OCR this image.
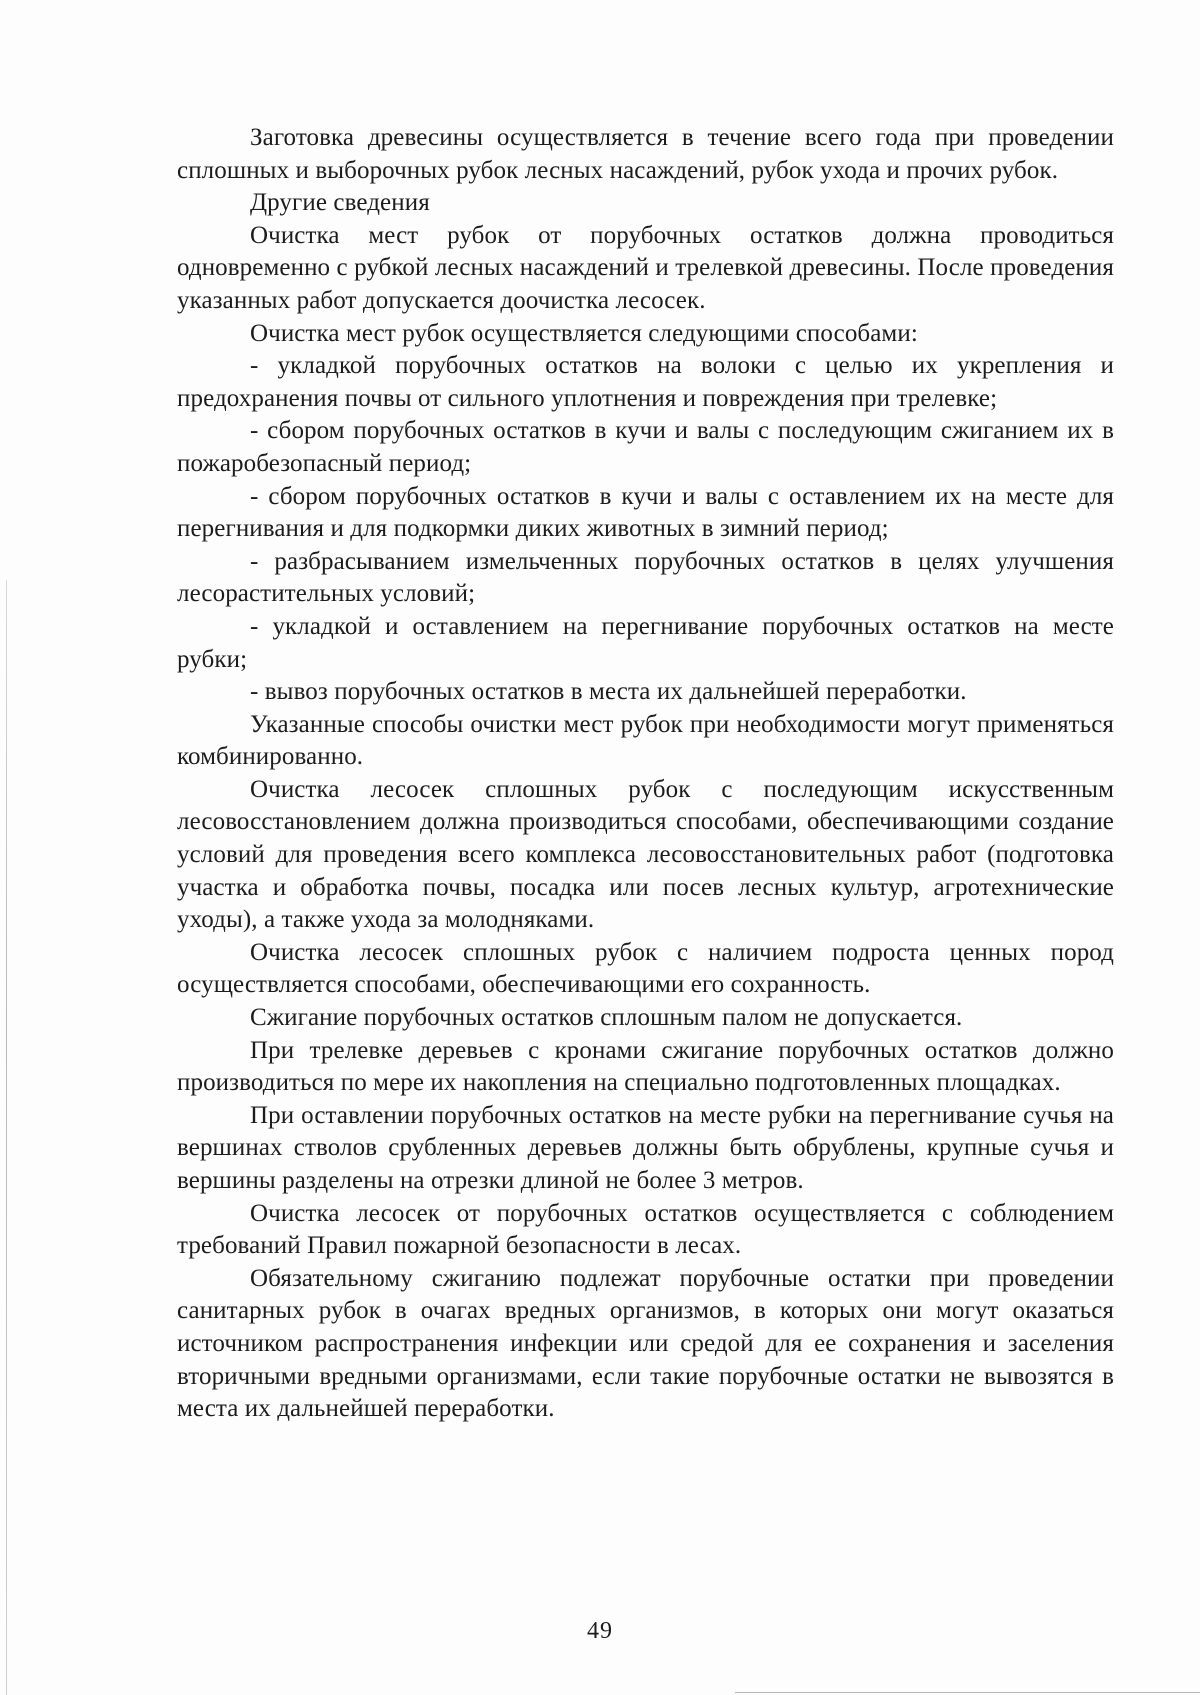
Заготовка древесины осуществляется в течение всего года при проведении сплошных и выборочных рубок лесных насаждений, рубок ухода и прочих рубок.

Другие сведения

Очистка мест рубок от порубочных остатков должна проводиться одновременно с рубкой лесных насаждений и трелевкой древесины. После проведения указанных работ допускается доочистка лесосек.

Очистка мест рубок осуществляется следующими способами:

- укладкой порубочных остатков на волоки с целью их укрепления и предохранения почвы от сильного уплотнения и повреждения при трелевке;

- сбором порубочных остатков в кучи и валы с последующим сжиганием их в пожаробезопасный период;

- сбором порубочных остатков в кучи и валы с оставлением их на месте для перегнивания и для подкормки диких животных в зимний период;

- разбрасыванием измельченных порубочных остатков в целях улучшения лесорастительных условий;

- укладкой и оставлением на перегнивание порубочных остатков на месте рубки;

- вывоз порубочных остатков в места их дальнейшей переработки.

Указанные способы очистки мест рубок при необходимости могут применяться комбинированно.

Очистка лесосек сплошных рубок с последующим искусственным лесовосстановлением должна производиться способами, обеспечивающими создание условий для проведения всего комплекса лесовосстановительных работ (подготовка участка и обработка почвы, посадка или посев лесных культур, агротехнические уходы), а также ухода за молодняками.

Очистка лесосек сплошных рубок с наличием подроста ценных пород осуществляется способами, обеспечивающими его сохранность.

Сжигание порубочных остатков сплошным палом не допускается.

При трелевке деревьев с кронами сжигание порубочных остатков должно производиться по мере их накопления на специально подготовленных площадках.

При оставлении порубочных остатков на месте рубки на перегнивание сучья на вершинах стволов срубленных деревьев должны быть обрублены, крупные сучья и вершины разделены на отрезки длиной не более 3 метров.

Очистка лесосек от порубочных остатков осуществляется с соблюдением требований Правил пожарной безопасности в лесах.

Обязательному сжиганию подлежат порубочные остатки при проведении санитарных рубок в очагах вредных организмов, в которых они могут оказаться источником распространения инфекции или средой для ее сохранения и заселения вторичными вредными организмами, если такие порубочные остатки не вывозятся в места их дальнейшей переработки.

49
